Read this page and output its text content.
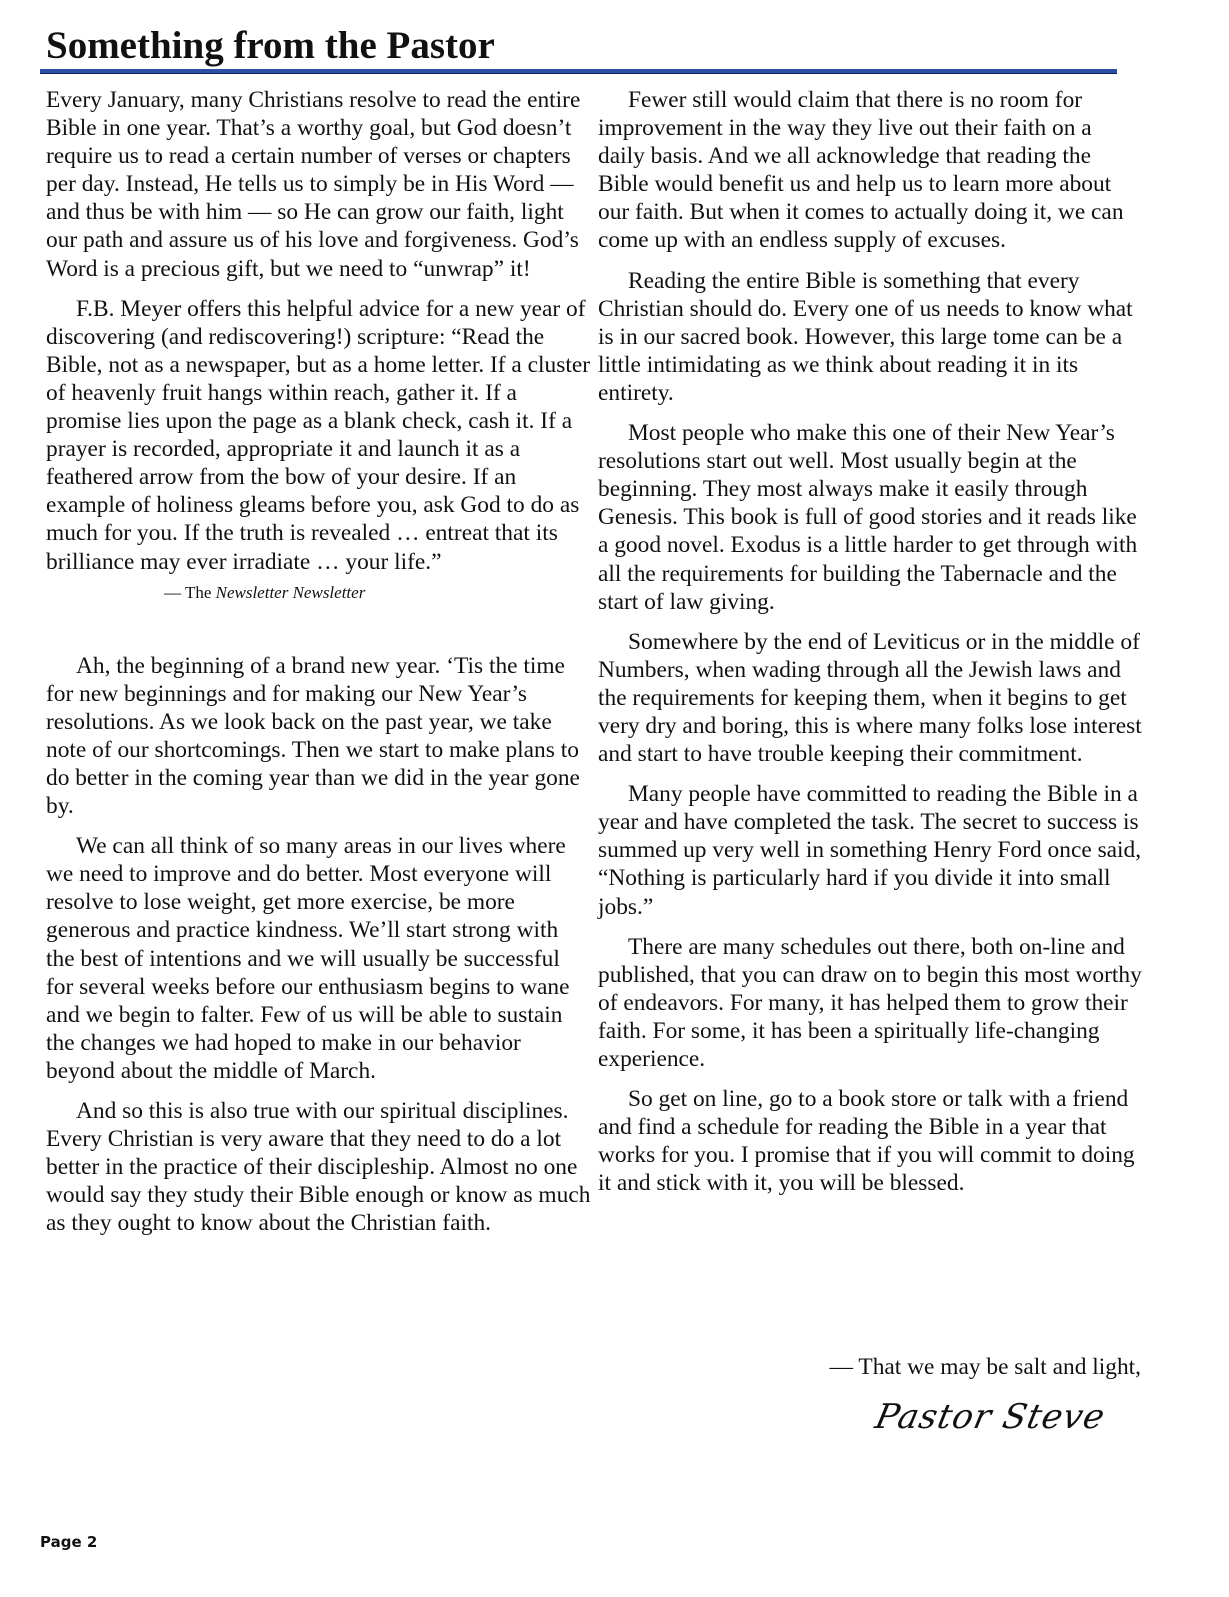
Something from the Pastor

Every January, many Christians resolve to read the entire Bible in one year. That’s a worthy goal, but God doesn’t require us to read a certain number of verses or chapters per day. Instead, He tells us to simply be in His Word — and thus be with him — so He can grow our faith, light our path and assure us of his love and forgiveness. God’s Word is a precious gift, but we need to “unwrap” it!

F.B. Meyer offers this helpful advice for a new year of discovering (and rediscovering!) scripture: “Read the Bible, not as a newspaper, but as a home letter. If a cluster of heavenly fruit hangs within reach, gather it. If a promise lies upon the page as a blank check, cash it. If a prayer is recorded, appropriate it and launch it as a feathered arrow from the bow of your desire. If an example of holiness gleams before you, ask God to do as much for you. If the truth is revealed … entreat that its brilliance may ever irradiate … your life.”

— The Newsletter Newsletter

Ah, the beginning of a brand new year. ‘Tis the time for new beginnings and for making our New Year’s resolutions. As we look back on the past year, we take note of our shortcomings. Then we start to make plans to do better in the coming year than we did in the year gone by.

We can all think of so many areas in our lives where we need to improve and do better. Most everyone will resolve to lose weight, get more exercise, be more generous and practice kindness. We’ll start strong with the best of intentions and we will usually be successful for several weeks before our enthusiasm begins to wane and we begin to falter. Few of us will be able to sustain the changes we had hoped to make in our behavior beyond about the middle of March.

And so this is also true with our spiritual disciplines. Every Christian is very aware that they need to do a lot better in the practice of their discipleship. Almost no one would say they study their Bible enough or know as much as they ought to know about the Christian faith.

Fewer still would claim that there is no room for improvement in the way they live out their faith on a daily basis. And we all acknowledge that reading the Bible would benefit us and help us to learn more about our faith. But when it comes to actually doing it, we can come up with an endless supply of excuses.

Reading the entire Bible is something that every Christian should do. Every one of us needs to know what is in our sacred book. However, this large tome can be a little intimidating as we think about reading it in its entirety.

Most people who make this one of their New Year’s resolutions start out well. Most usually begin at the beginning. They most always make it easily through Genesis. This book is full of good stories and it reads like a good novel. Exodus is a little harder to get through with all the requirements for building the Tabernacle and the start of law giving.

Somewhere by the end of Leviticus or in the middle of Numbers, when wading through all the Jewish laws and the requirements for keeping them, when it begins to get very dry and boring, this is where many folks lose interest and start to have trouble keeping their commitment.

Many people have committed to reading the Bible in a year and have completed the task. The secret to success is summed up very well in something Henry Ford once said, “Nothing is particularly hard if you divide it into small jobs.”

There are many schedules out there, both on-line and published, that you can draw on to begin this most worthy of endeavors. For many, it has helped them to grow their faith. For some, it has been a spiritually life-changing experience.

So get on line, go to a book store or talk with a friend and find a schedule for reading the Bible in a year that works for you. I promise that if you will commit to doing it and stick with it, you will be blessed.

— That we may be salt and light,
Pastor Steve
Page 2
